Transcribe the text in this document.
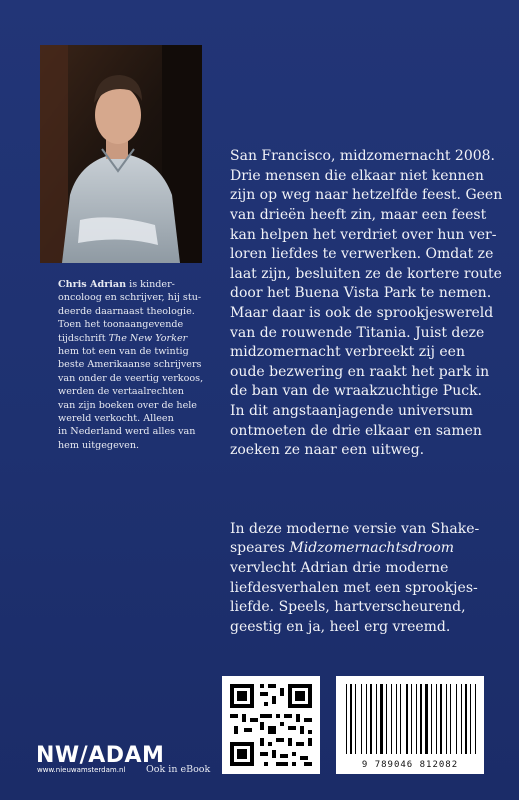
Chris Adrian is kinder-
oncoloog en schrijver, hij stu-
deerde daarnaast theologie.
Toen het toonaangevende
tijdschrift The New Yorker
hem tot een van de twintig
beste Amerikaanse schrijvers
van onder de veertig verkoos,
werden de vertaalrechten
van zijn boeken over de hele
wereld verkocht. Alleen
in Nederland werd alles van
hem uitgegeven.

San Francisco, midzomernacht 2008.
Drie mensen die elkaar niet kennen
zijn op weg naar hetzelfde feest. Geen
van drieën heeft zin, maar een feest
kan helpen het verdriet over hun ver-
loren liefdes te verwerken. Omdat ze
laat zijn, besluiten ze de kortere route
door het Buena Vista Park te nemen.
Maar daar is ook de sprookjeswereld
van de rouwende Titania. Juist deze
midzomernacht verbreekt zij een
oude bezwering en raakt het park in
de ban van de wraakzuchtige Puck.
In dit angstaanjagende universum
ontmoeten de drie elkaar en samen
zoeken ze naar een uitweg.

In deze moderne versie van Shake-
speares Midzomernachtsdroom
vervlecht Adrian drie moderne
liefdesverhalen met een sprookjes-
liefde. Speels, hartverscheurend,
geestig en ja, heel erg vreemd.

NW/ADAM
www.nieuwamsterdam.nl Ook in eBook	9 789046 812082
